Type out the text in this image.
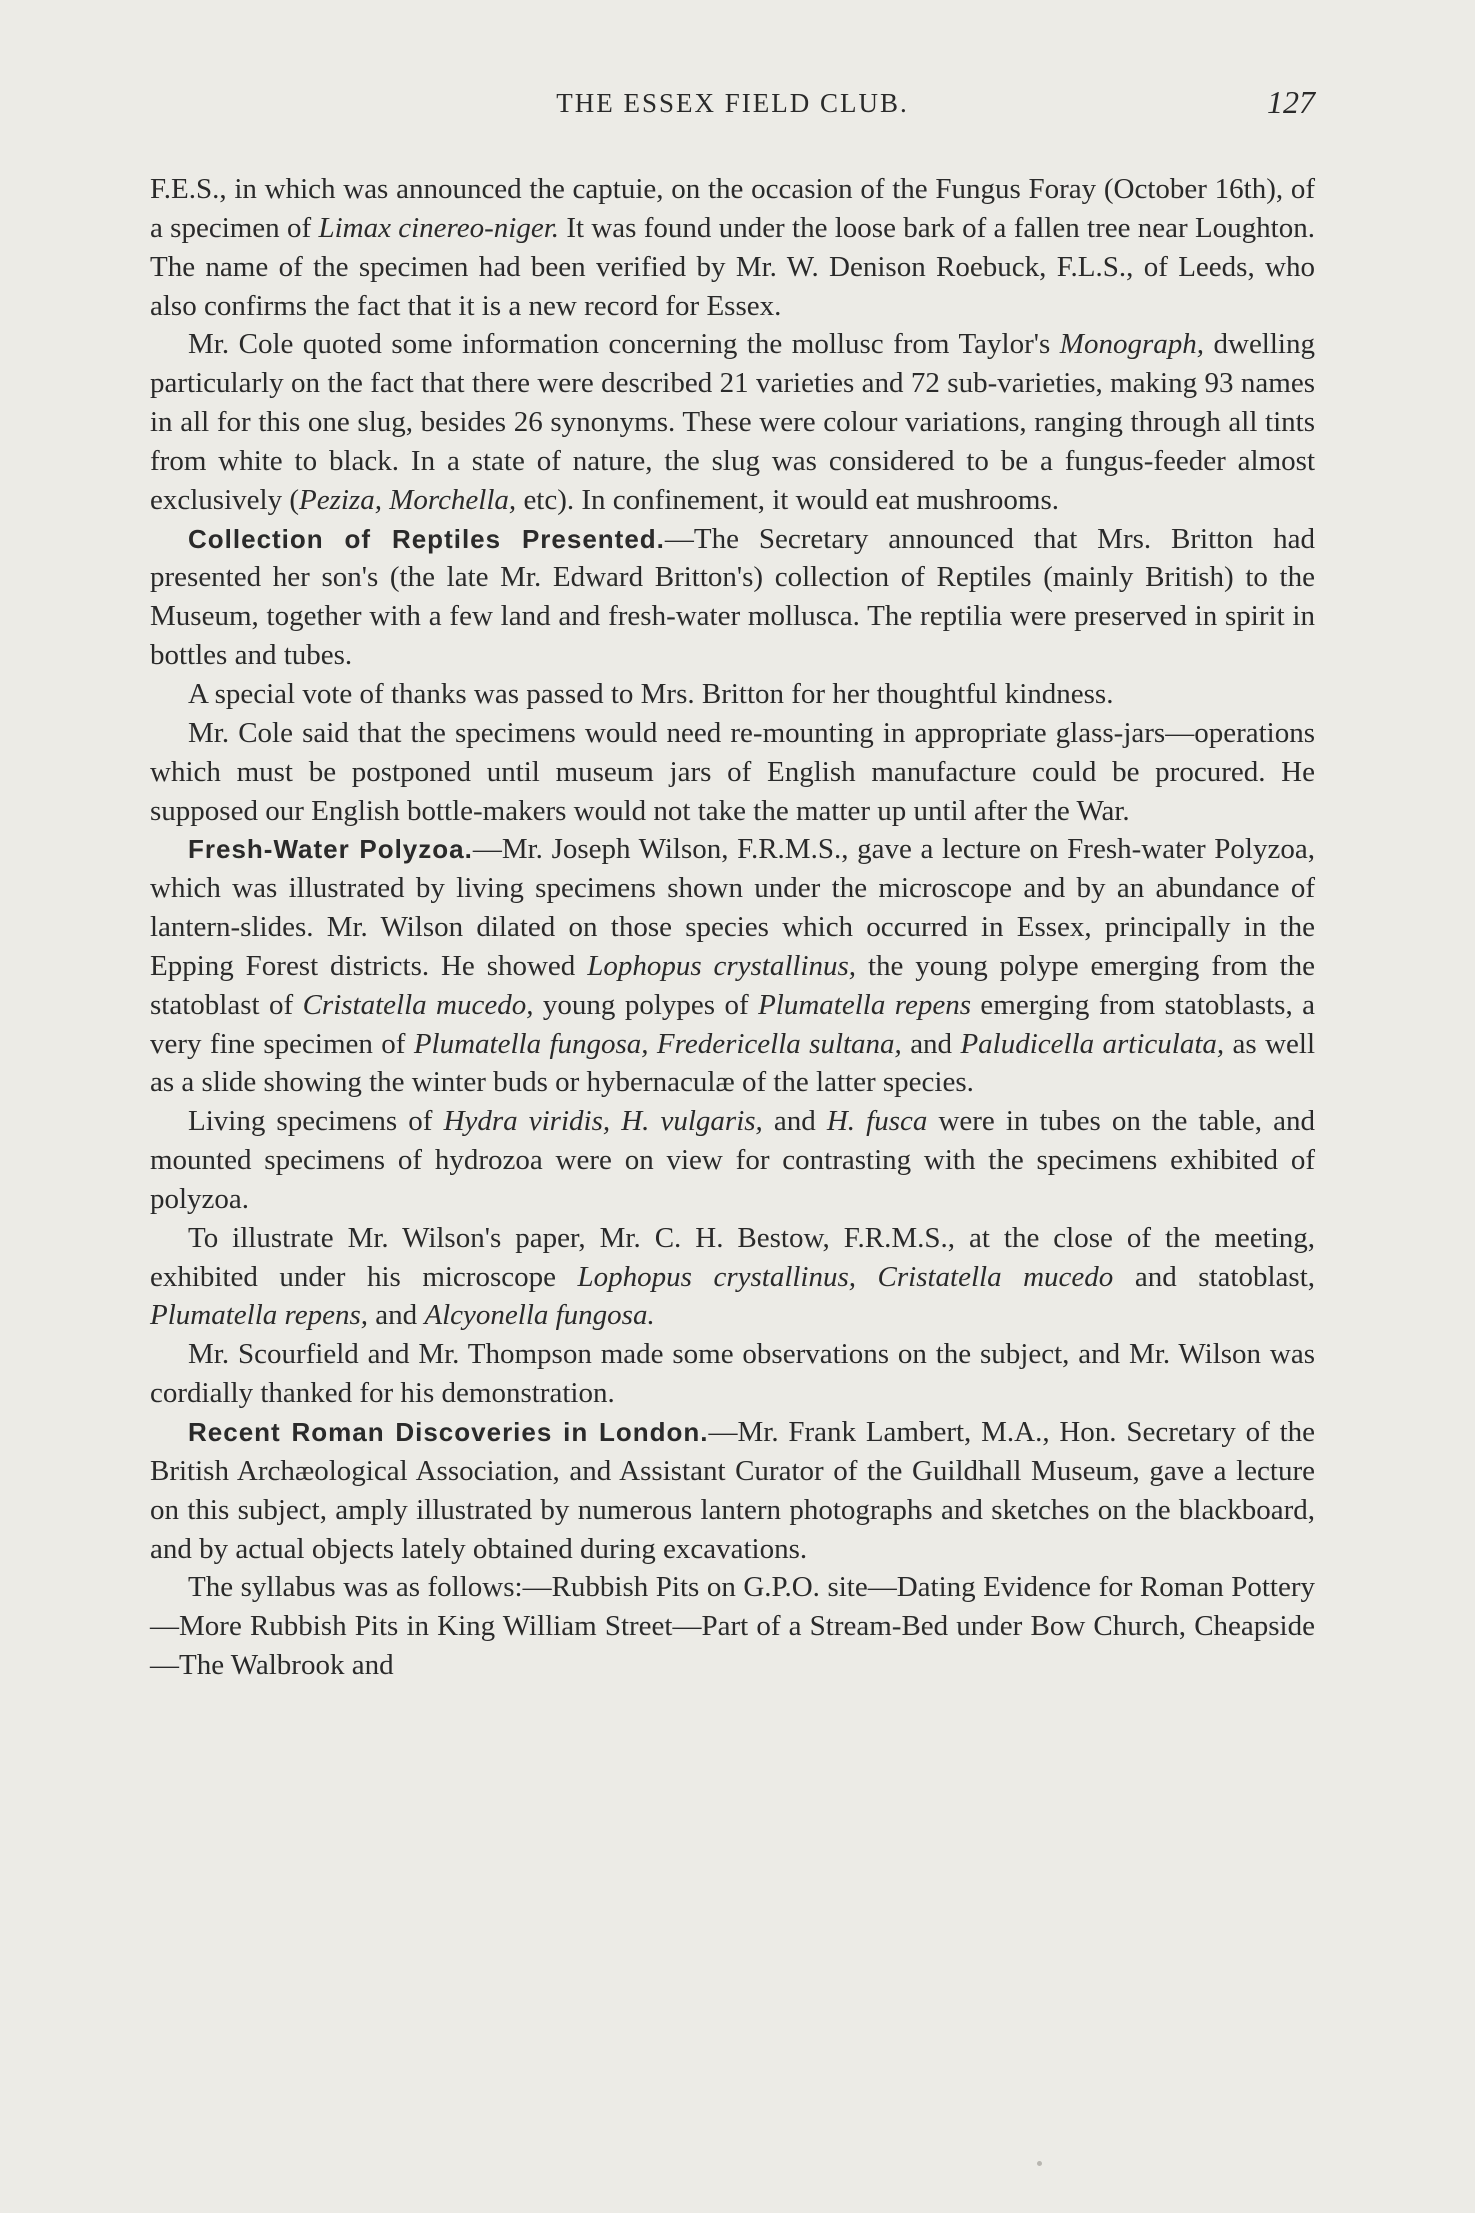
THE ESSEX FIELD CLUB.	127

F.E.S., in which was announced the captuie, on the occasion of the Fungus Foray (October 16th), of a specimen of Limax cinereo-niger. It was found under the loose bark of a fallen tree near Loughton. The name of the specimen had been verified by Mr. W. Denison Roebuck, F.L.S., of Leeds, who also confirms the fact that it is a new record for Essex.

Mr. Cole quoted some information concerning the mollusc from Taylor's Monograph, dwelling particularly on the fact that there were described 21 varieties and 72 sub-varieties, making 93 names in all for this one slug, besides 26 synonyms. These were colour variations, ranging through all tints from white to black. In a state of nature, the slug was considered to be a fungus-feeder almost exclusively (Peziza, Morchella, etc). In confinement, it would eat mushrooms.

Collection of Reptiles Presented.—The Secretary announced that Mrs. Britton had presented her son's (the late Mr. Edward Britton's) collection of Reptiles (mainly British) to the Museum, together with a few land and fresh-water mollusca. The reptilia were preserved in spirit in bottles and tubes.

A special vote of thanks was passed to Mrs. Britton for her thoughtful kindness.

Mr. Cole said that the specimens would need re-mounting in appropriate glass-jars—operations which must be postponed until museum jars of English manufacture could be procured. He supposed our English bottle-makers would not take the matter up until after the War.

Fresh-Water Polyzoa.—Mr. Joseph Wilson, F.R.M.S., gave a lecture on Fresh-water Polyzoa, which was illustrated by living specimens shown under the microscope and by an abundance of lantern-slides. Mr. Wilson dilated on those species which occurred in Essex, principally in the Epping Forest districts. He showed Lophopus crystallinus, the young polype emerging from the statoblast of Cristatella mucedo, young polypes of Plumatella repens emerging from statoblasts, a very fine specimen of Plumatella fungosa, Fredericella sultana, and Paludicella articulata, as well as a slide showing the winter buds or hybernaculæ of the latter species.

Living specimens of Hydra viridis, H. vulgaris, and H. fusca were in tubes on the table, and mounted specimens of hydrozoa were on view for contrasting with the specimens exhibited of polyzoa.

To illustrate Mr. Wilson's paper, Mr. C. H. Bestow, F.R.M.S., at the close of the meeting, exhibited under his microscope Lophopus crystallinus, Cristatella mucedo and statoblast, Plumatella repens, and Alcyonella fungosa.

Mr. Scourfield and Mr. Thompson made some observations on the subject, and Mr. Wilson was cordially thanked for his demonstration.

Recent Roman Discoveries in London.—Mr. Frank Lambert, M.A., Hon. Secretary of the British Archæological Association, and Assistant Curator of the Guildhall Museum, gave a lecture on this subject, amply illustrated by numerous lantern photographs and sketches on the blackboard, and by actual objects lately obtained during excavations.

The syllabus was as follows:—Rubbish Pits on G.P.O. site—Dating Evidence for Roman Pottery—More Rubbish Pits in King William Street—Part of a Stream-Bed under Bow Church, Cheapside—The Walbrook and
